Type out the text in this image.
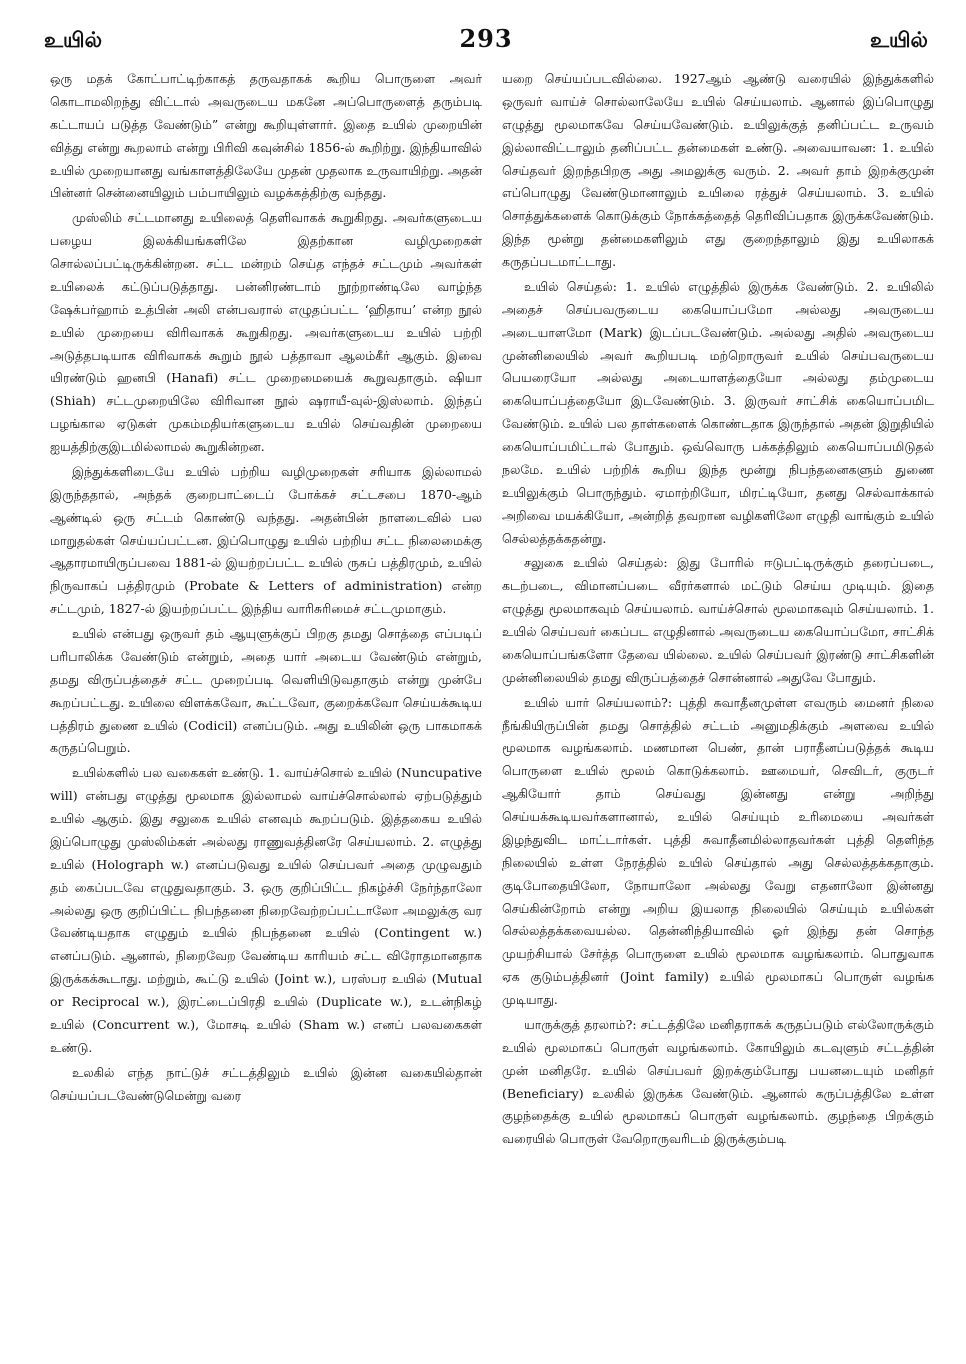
உயில்	293	உயில்

ஒரு மதக் கோட்பாட்டிற்காகத் தருவதாகக் கூறிய பொருளை அவர் கொடாமலிறந்து விட்டால் அவருடைய மகனே அப்பொருளைத் தரும்படி கட்டாயப் படுத்த வேண்டும்” என்று கூறியுள்ளார். இதை உயில் முறையின் வித்து என்று கூறலாம் என்று பிரிவி கவுன்சில் 1856-ல் கூறிற்று. இந்தியாவில் உயில் முறையானது வங்காளத்திலேயே முதன் முதலாக உருவாயிற்று. அதன் பின்னர் சென்னையிலும் பம்பாயிலும் வழக்கத்திற்கு வந்தது.

முஸ்லிம் சட்டமானது உயிலைத் தெளிவாகக் கூறுகிறது. அவர்களுடைய பழைய இலக்கியங்களிலே இதற்கான வழிமுறைகள் சொல்லப்பட்டிருக்கின்றன. சட்ட மன்றம் செய்த எந்தச் சட்டமும் அவர்கள் உயிலைக் கட்டுப்படுத்தாது. பன்னிரண்டாம் நூற்றாண்டிலே வாழ்ந்த ஷேக்பர்ஹாம் உத்பின் அலி என்பவரால் எழுதப்பட்ட ‘ஹிதாய’ என்ற நூல் உயில் முறையை விரிவாகக் கூறுகிறது. அவர்களுடைய உயில் பற்றி அடுத்தபடியாக விரிவாகக் கூறும் நூல் பத்தாவா ஆலம்கீர் ஆகும். இவை யிரண்டும் ஹனபி (Hanafi) சட்ட முறைமையைக் கூறுவதாகும். ஷியா (Shiah) சட்டமுறையிலே விரிவான நூல் ஷராயீ-வுல்-இஸ்லாம். இந்தப் பழங்கால ஏடுகள் முகம்மதியர்களுடைய உயில் செய்வதின் முறையை ஐயத்திற்குஇடமில்லாமல் கூறுகின்றன.

இந்துக்களிடையே உயில் பற்றிய வழிமுறைகள் சரியாக இல்லாமல் இருந்ததால், அந்தக் குறைபாட்டைப் போக்கச் சட்டசபை 1870-ஆம் ஆண்டில் ஒரு சட்டம் கொண்டு வந்தது. அதன்பின் நாளடைவில் பல மாறுதல்கள் செய்யப்பட்டன. இப்பொழுது உயில் பற்றிய சட்ட நிலைமைக்கு ஆதாரமாயிருப்பவை 1881-ல் இயற்றப்பட்ட உயில் ருசுப் பத்திரமும், உயில் நிருவாகப் பத்திரமும் (Probate & Letters of administration) என்ற சட்டமும், 1827-ல் இயற்றப்பட்ட இந்திய வாரிசுரிமைச் சட்டமுமாகும்.

உயில் என்பது ஒருவர் தம் ஆயுளுக்குப் பிறகு தமது சொத்தை எப்படிப் பரிபாலிக்க வேண்டும் என்றும், அதை யார் அடைய வேண்டும் என்றும், தமது விருப்பத்தைச் சட்ட முறைப்படி வெளியிடுவதாகும் என்று முன்பே கூறப்பட்டது. உயிலை விளக்கவோ, கூட்டவோ, குறைக்கவோ செய்யக்கூடிய பத்திரம் துணை உயில் (Codicil) எனப்படும். அது உயிலின் ஒரு பாகமாகக் கருதப்பெறும்.

உயில்களில் பல வகைகள் உண்டு. 1. வாய்ச்சொல் உயில் (Nuncupative will) என்பது எழுத்து மூலமாக இல்லாமல் வாய்ச்சொல்லால் ஏற்படுத்தும் உயில் ஆகும். இது சலுகை உயில் எனவும் கூறப்படும். இத்தகைய உயில் இப்பொழுது முஸ்லிம்கள் அல்லது ராணுவத்தினரே செய்யலாம். 2. எழுத்து உயில் (Holograph w.) எனப்படுவது உயில் செய்பவர் அதை முழுவதும் தம் கைப்படவே எழுதுவதாகும். 3. ஒரு குறிப்பிட்ட நிகழ்ச்சி நேர்ந்தாலோ அல்லது ஒரு குறிப்பிட்ட நிபந்தனை நிறைவேற்றப்பட்டாலோ அமலுக்கு வர வேண்டியதாக எழுதும் உயில் நிபந்தனை உயில் (Contingent w.) எனப்படும். ஆனால், நிறைவேற வேண்டிய காரியம் சட்ட விரோதமானதாக இருக்கக்கூடாது. மற்றும், கூட்டு உயில் (Joint w.), பரஸ்பர உயில் (Mutual or Reciprocal w.), இரட்டைப்பிரதி உயில் (Duplicate w.), உடன்நிகழ் உயில் (Concurrent w.), மோசடி உயில் (Sham w.) எனப் பலவகைகள் உண்டு.

உலகில் எந்த நாட்டுச் சட்டத்திலும் உயில் இன்ன வகையில்தான் செய்யப்படவேண்டுமென்று வரை

யறை செய்யப்படவில்லை. 1927ஆம் ஆண்டு வரையில் இந்துக்களில் ஒருவர் வாய்ச் சொல்லாலேயே உயில் செய்யலாம். ஆனால் இப்பொழுது எழுத்து மூலமாகவே செய்யவேண்டும். உயிலுக்குத் தனிப்பட்ட உருவம் இல்லாவிட்டாலும் தனிப்பட்ட தன்மைகள் உண்டு. அவையாவன: 1. உயில் செய்தவர் இறந்தபிறகு அது அமலுக்கு வரும். 2. அவர் தாம் இறக்குமுன் எப்பொழுது வேண்டுமானாலும் உயிலை ரத்துச் செய்யலாம். 3. உயில் சொத்துக்களைக் கொடுக்கும் நோக்கத்தைத் தெரிவிப்பதாக இருக்கவேண்டும். இந்த மூன்று தன்மைகளிலும் எது குறைந்தாலும் இது உயிலாகக் கருதப்படமாட்டாது.

உயில் செய்தல்: 1. உயில் எழுத்தில் இருக்க வேண்டும். 2. உயிலில் அதைச் செய்பவருடைய கையொப்பமோ அல்லது அவருடைய அடையாளமோ (Mark) இடப்படவேண்டும். அல்லது அதில் அவருடைய முன்னிலையில் அவர் கூறியபடி மற்றொருவர் உயில் செய்பவருடைய பெயரையோ அல்லது அடையாளத்தையோ அல்லது தம்முடைய கையொப்பத்தையோ இடவேண்டும். 3. இருவர் சாட்சிக் கையொப்பமிட வேண்டும். உயில் பல தாள்களைக் கொண்டதாக இருந்தால் அதன் இறுதியில் கையொப்பமிட்டால் போதும். ஒவ்வொரு பக்கத்திலும் கையொப்பமிடுதல் நலமே. உயில் பற்றிக் கூறிய இந்த மூன்று நிபந்தனைகளும் துணை உயிலுக்கும் பொருந்தும். ஏமாற்றியோ, மிரட்டியோ, தனது செல்வாக்கால் அறிவை மயக்கியோ, அன்றித் தவறான வழிகளிலோ எழுதி வாங்கும் உயில் செல்லத்தக்கதன்று.

சலுகை உயில் செய்தல்: இது போரில் ஈடுபட்டிருக்கும் தரைப்படை, கடற்படை, விமானப்படை வீரர்களால் மட்டும் செய்ய முடியும். இதை எழுத்து மூலமாகவும் செய்யலாம். வாய்ச்சொல் மூலமாகவும் செய்யலாம். 1. உயில் செய்பவர் கைப்பட எழுதினால் அவருடைய கையொப்பமோ, சாட்சிக் கையொப்பங்களோ தேவை யில்லை. உயில் செய்பவர் இரண்டு சாட்சிகளின் முன்னிலையில் தமது விருப்பத்தைச் சொன்னால் அதுவே போதும்.

உயில் யார் செய்யலாம்?: புத்தி சுவாதீனமுள்ள எவரும் மைனர் நிலை நீங்கியிருப்பின் தமது சொத்தில் சட்டம் அனுமதிக்கும் அளவை உயில் மூலமாக வழங்கலாம். மணமான பெண், தான் பராதீனப்படுத்தக் கூடிய பொருளை உயில் மூலம் கொடுக்கலாம். ஊமையர், செவிடர், குருடர் ஆகியோர் தாம் செய்வது இன்னது என்று அறிந்து செய்யக்கூடியவர்களானால், உயில் செய்யும் உரிமையை அவர்கள் இழந்துவிட மாட்டார்கள். புத்தி சுவாதீனமில்லாதவர்கள் புத்தி தெளிந்த நிலையில் உள்ள நேரத்தில் உயில் செய்தால் அது செல்லத்தக்கதாகும். குடிபோதையிலோ, நோயாலோ அல்லது வேறு எதனாலோ இன்னது செய்கின்றோம் என்று அறிய இயலாத நிலையில் செய்யும் உயில்கள் செல்லத்தக்கவையல்ல. தென்னிந்தியாவில் ஓர் இந்து தன் சொந்த முயற்சியால் சேர்த்த பொருளை உயில் மூலமாக வழங்கலாம். பொதுவாக ஏக குடும்பத்தினர் (Joint family) உயில் மூலமாகப் பொருள் வழங்க முடியாது.

யாருக்குத் தரலாம்?: சட்டத்திலே மனிதராகக் கருதப்படும் எல்லோருக்கும் உயில் மூலமாகப் பொருள் வழங்கலாம். கோயிலும் கடவுளும் சட்டத்தின் முன் மனிதரே. உயில் செய்பவர் இறக்கும்போது பயனடையும் மனிதர் (Beneficiary) உலகில் இருக்க வேண்டும். ஆனால் கருப்பத்திலே உள்ள குழந்தைக்கு உயில் மூலமாகப் பொருள் வழங்கலாம். குழந்தை பிறக்கும் வரையில் பொருள் வேறொருவரிடம் இருக்கும்படி
